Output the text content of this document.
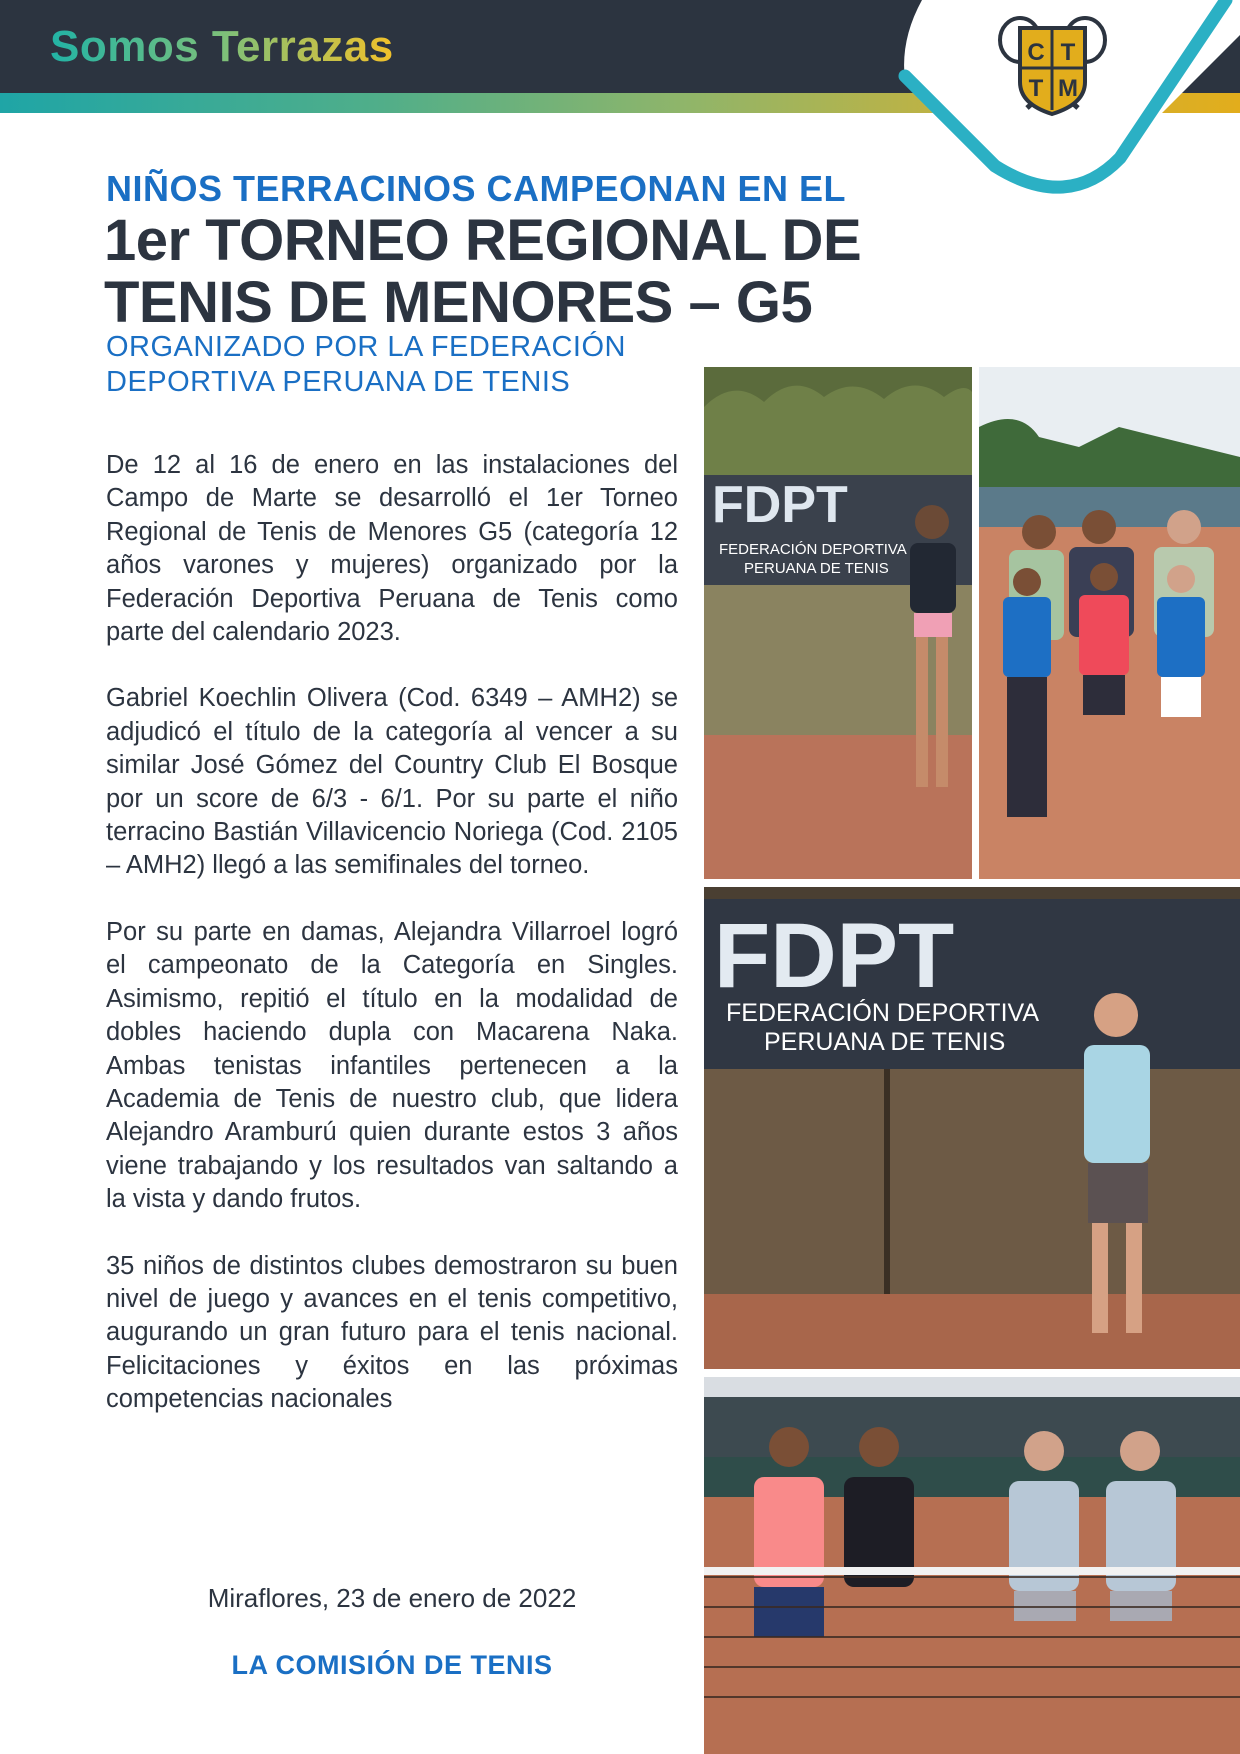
Somos Terrazas	C T
T M
NIÑOS TERRACINOS CAMPEONAN EN EL
1er TORNEO REGIONAL DE
TENIS DE MENORES – G5
ORGANIZADO POR LA FEDERACIÓN DEPORTIVA PERUANA DE TENIS

De 12 al 16 de enero en las instalaciones del Campo de Marte se desarrolló el 1er Torneo Regional de Tenis de Menores G5 (categoría 12 años varones y mujeres) organizado por la Federación Deportiva Peruana de Tenis como parte del calendario 2023.

Gabriel Koechlin Olivera (Cod. 6349 – AMH2) se adjudicó el título de la categoría al vencer a su similar José Gómez del Country Club El Bosque por un score de 6/3 - 6/1. Por su parte el niño terracino Bastián Villavicencio Noriega (Cod. 2105 – AMH2) llegó a las semifinales del torneo.

Por su parte en damas, Alejandra Villarroel logró el campeonato de la Categoría en Singles. Asimismo, repitió el título en la modalidad de dobles haciendo dupla con Macarena Naka. Ambas tenistas infantiles pertenecen a la Academia de Tenis de nuestro club, que lidera Alejandro Aramburú quien durante estos 3 años viene trabajando y los resultados van saltando a la vista y dando frutos.

35 niños de distintos clubes demostraron su buen nivel de juego y avances en el tenis competitivo, augurando un gran futuro para el tenis nacional. Felicitaciones y éxitos en las próximas competencias nacionales

Miraflores, 23 de enero de 2022
LA COMISIÓN DE TENIS
FDPT
FEDERACIÓN DEPORTIVA
PERUANA DE TENIS
FDPT
FEDERACIÓN DEPORTIVA
PERUANA DE TENIS
